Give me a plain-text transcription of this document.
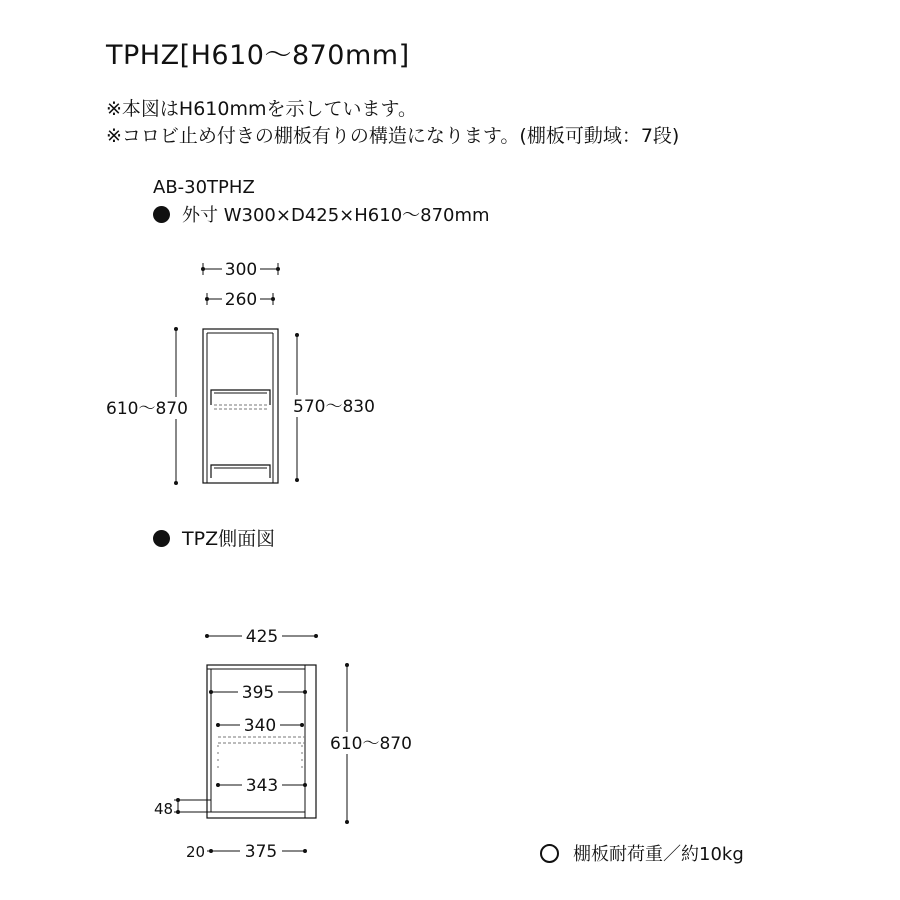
TPHZ[H610〜870mm]
※本図はH610mmを示しています。
※コロビ止め付きの棚板有りの構造になります。(棚板可動域：7段)
AB-30TPHZ
外寸 W300×D425×H610〜870mm
300
260
610〜870	570〜830
425
395
340
343
48
610〜870
20 375
TPZ側面図
棚板耐荷重／約10kg
